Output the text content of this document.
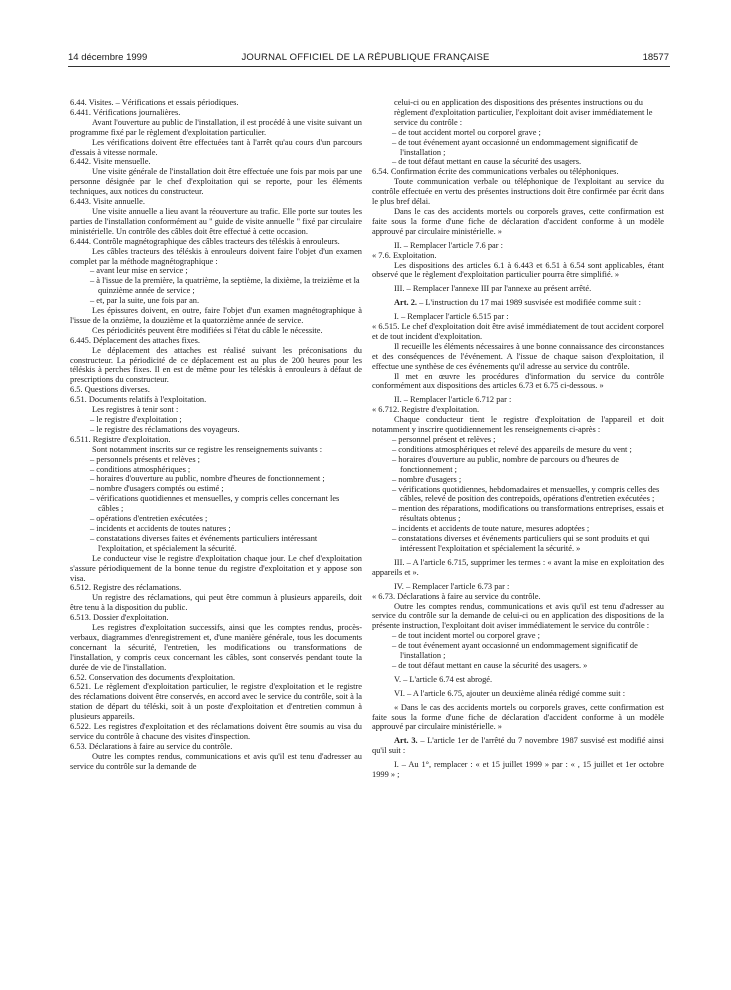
14 décembre 1999	JOURNAL OFFICIEL DE LA RÉPUBLIQUE FRANÇAISE	18577
6.44. Visites. – Vérifications et essais périodiques.
6.441. Vérifications journalières.
Avant l'ouverture au public de l'installation, il est procédé à une visite suivant un programme fixé par le règlement d'exploitation particulier.
Les vérifications doivent être effectuées tant à l'arrêt qu'au cours d'un parcours d'essais à vitesse normale.
6.442. Visite mensuelle.
Une visite générale de l'installation doit être effectuée une fois par mois par une personne désignée par le chef d'exploitation qui se reporte, pour les éléments techniques, aux notices du constructeur.
6.443. Visite annuelle.
Une visite annuelle a lieu avant la réouverture au trafic. Elle porte sur toutes les parties de l'installation conformément au " guide de visite annuelle " fixé par circulaire ministérielle. Un contrôle des câbles doit être effectué à cette occasion.
6.444. Contrôle magnétographique des câbles tracteurs des téléskis à enrouleurs.
Les câbles tracteurs des téléskis à enrouleurs doivent faire l'objet d'un examen complet par la méthode magnétographique :
– avant leur mise en service ;
– à l'issue de la première, la quatrième, la septième, la dixième, la treizième et la quinzième année de service ;
– et, par la suite, une fois par an.
Les épissures doivent, en outre, faire l'objet d'un examen magnétographique à l'issue de la onzième, la douzième et la quatorzième année de service.
Ces périodicités peuvent être modifiées si l'état du câble le nécessite.
6.445. Déplacement des attaches fixes.
Le déplacement des attaches est réalisé suivant les préconisations du constructeur. La périodicité de ce déplacement est au plus de 200 heures pour les téléskis à perches fixes. Il en est de même pour les téléskis à enrouleurs à défaut de prescriptions du constructeur.
6.5. Questions diverses.
6.51. Documents relatifs à l'exploitation.
Les registres à tenir sont :
– le registre d'exploitation ;
– le registre des réclamations des voyageurs.
6.511. Registre d'exploitation.
Sont notamment inscrits sur ce registre les renseignements suivants :
– personnels présents et relèves ;
– conditions atmosphériques ;
– horaires d'ouverture au public, nombre d'heures de fonctionnement ;
– nombre d'usagers comptés ou estimé ;
– vérifications quotidiennes et mensuelles, y compris celles concernant les câbles ;
– opérations d'entretien exécutées ;
– incidents et accidents de toutes natures ;
– constatations diverses faites et événements particuliers intéressant l'exploitation, et spécialement la sécurité.
Le conducteur vise le registre d'exploitation chaque jour. Le chef d'exploitation s'assure périodiquement de la bonne tenue du registre d'exploitation et y appose son visa.
6.512. Registre des réclamations.
Un registre des réclamations, qui peut être commun à plusieurs appareils, doit être tenu à la disposition du public.
6.513. Dossier d'exploitation.
Les registres d'exploitation successifs, ainsi que les comptes rendus, procès-verbaux, diagrammes d'enregistrement et, d'une manière générale, tous les documents concernant la sécurité, l'entretien, les modifications ou transformations de l'installation, y compris ceux concernant les câbles, sont conservés pendant toute la durée de vie de l'installation.
6.52. Conservation des documents d'exploitation.
6.521. Le règlement d'exploitation particulier, le registre d'exploitation et le registre des réclamations doivent être conservés, en accord avec le service du contrôle, soit à la station de départ du téléski, soit à un poste d'exploitation et d'entretien commun à plusieurs appareils.
6.522. Les registres d'exploitation et des réclamations doivent être soumis au visa du service du contrôle à chacune des visites d'inspection.
6.53. Déclarations à faire au service du contrôle.
Outre les comptes rendus, communications et avis qu'il est tenu d'adresser au service du contrôle sur la demande de
celui-ci ou en application des dispositions des présentes instructions ou du règlement d'exploitation particulier, l'exploitant doit aviser immédiatement le service du contrôle :
– de tout accident mortel ou corporel grave ;
– de tout événement ayant occasionné un endommagement significatif de l'installation ;
– de tout défaut mettant en cause la sécurité des usagers.
6.54. Confirmation écrite des communications verbales ou téléphoniques.
Toute communication verbale ou téléphonique de l'exploitant au service du contrôle effectuée en vertu des présentes instructions doit être confirmée par écrit dans le plus bref délai.
Dans le cas des accidents mortels ou corporels graves, cette confirmation est faite sous la forme d'une fiche de déclaration d'accident conforme à un modèle approuvé par circulaire ministérielle. »
II. – Remplacer l'article 7.6 par :
« 7.6. Exploitation.
Les dispositions des articles 6.1 à 6.443 et 6.51 à 6.54 sont applicables, étant observé que le règlement d'exploitation particulier pourra être simplifié. »
III. – Remplacer l'annexe III par l'annexe au présent arrêté.
Art. 2. – L'instruction du 17 mai 1989 susvisée est modifiée comme suit :
I. – Remplacer l'article 6.515 par :
« 6.515. Le chef d'exploitation doit être avisé immédiatement de tout accident corporel et de tout incident d'exploitation.
Il recueille les éléments nécessaires à une bonne connaissance des circonstances et des conséquences de l'événement. A l'issue de chaque saison d'exploitation, il effectue une synthèse de ces événements qu'il adresse au service du contrôle.
Il met en œuvre les procédures d'information du service du contrôle conformément aux dispositions des articles 6.73 et 6.75 ci-dessous. »
II. – Remplacer l'article 6.712 par :
« 6.712. Registre d'exploitation.
Chaque conducteur tient le registre d'exploitation de l'appareil et doit notamment y inscrire quotidiennement les renseignements ci-après :
– personnel présent et relèves ;
– conditions atmosphériques et relevé des appareils de mesure du vent ;
– horaires d'ouverture au public, nombre de parcours ou d'heures de fonctionnement ;
– nombre d'usagers ;
– vérifications quotidiennes, hebdomadaires et mensuelles, y compris celles des câbles, relevé de position des contrepoids, opérations d'entretien exécutées ;
– mention des réparations, modifications ou transformations entreprises, essais et résultats obtenus ;
– incidents et accidents de toute nature, mesures adoptées ;
– constatations diverses et événements particuliers qui se sont produits et qui intéressent l'exploitation et spécialement la sécurité. »
III. – A l'article 6.715, supprimer les termes : « avant la mise en exploitation des appareils et ».
IV. – Remplacer l'article 6.73 par :
« 6.73. Déclarations à faire au service du contrôle.
Outre les comptes rendus, communications et avis qu'il est tenu d'adresser au service du contrôle sur la demande de celui-ci ou en application des dispositions de la présente instruction, l'exploitant doit aviser immédiatement le service du contrôle :
– de tout incident mortel ou corporel grave ;
– de tout événement ayant occasionné un endommagement significatif de l'installation ;
– de tout défaut mettant en cause la sécurité des usagers. »
V. – L'article 6.74 est abrogé.
VI. – A l'article 6.75, ajouter un deuxième alinéa rédigé comme suit :
« Dans le cas des accidents mortels ou corporels graves, cette confirmation est faite sous la forme d'une fiche de déclaration d'accident conforme à un modèle approuvé par circulaire ministérielle. »
Art. 3. – L'article 1er de l'arrêté du 7 novembre 1987 susvisé est modifié ainsi qu'il suit :
I. – Au 1°, remplacer : « et 15 juillet 1999 » par : « , 15 juillet et 1er octobre 1999 » ;
